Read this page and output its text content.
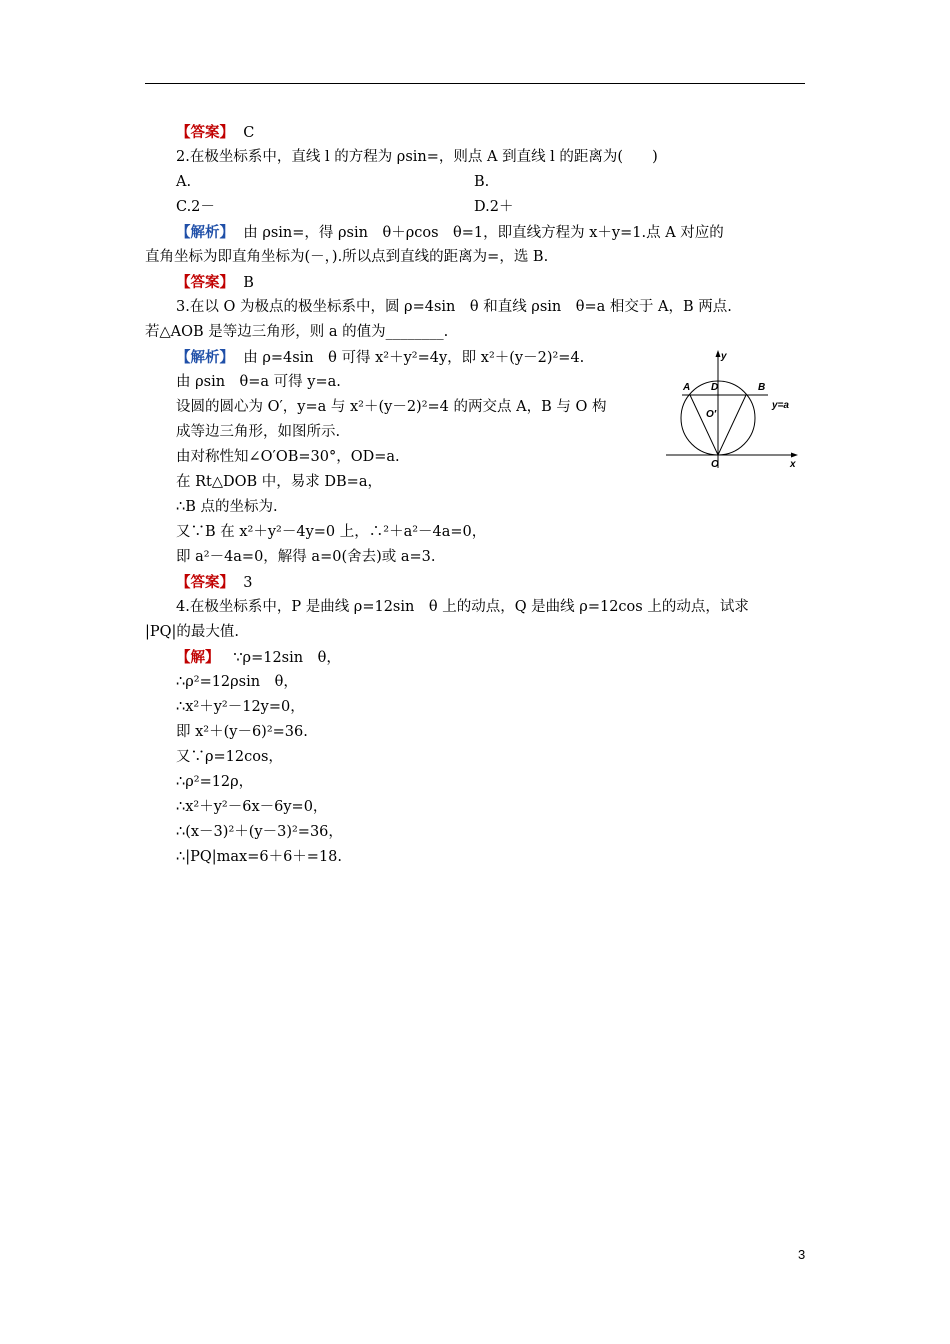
【答案】 C
2.在极坐标系中，直线 l 的方程为 ρsin=，则点 A 到直线 l 的距离为(　　)
A.	B.
C.2－	D.2＋
【解析】 由 ρsin=，得 ρsin　θ＋ρcos　θ=1，即直线方程为 x＋y=1.点 A 对应的
直角坐标为即直角坐标为(－，).所以点到直线的距离为=，选 B.
【答案】 B
3.在以 O 为极点的极坐标系中，圆 ρ=4sin　θ 和直线 ρsin　θ=a 相交于 A，B 两点.
若△AOB 是等边三角形，则 a 的值为________.
【解析】 由 ρ=4sin　θ 可得 x²＋y²=4y，即 x²＋(y－2)²=4.
由 ρsin　θ=a 可得 y=a.
设圆的圆心为 O′，y=a 与 x²＋(y－2)²=4 的两交点 A，B 与 O 构
成等边三角形，如图所示.
由对称性知∠O′OB=30°，OD=a.
在 Rt△DOB 中，易求 DB=a，
∴B 点的坐标为.
又∵B 在 x²＋y²－4y=0 上，∴²＋a²－4a=0，
即 a²－4a=0，解得 a=0(舍去)或 a=3.
【答案】 3
y
A D	B
y=a
O′
O	x
4.在极坐标系中，P 是曲线 ρ=12sin　θ 上的动点，Q 是曲线 ρ=12cos 上的动点，试求
|PQ|的最大值.
【解】 ∵ρ=12sin　θ，
∴ρ²=12ρsin　θ，
∴x²＋y²－12y=0，
即 x²＋(y－6)²=36.
又∵ρ=12cos，
∴ρ²=12ρ，
∴x²＋y²－6x－6y=0，
∴(x－3)²＋(y－3)²=36，
∴|PQ|max=6＋6＋=18.
3
